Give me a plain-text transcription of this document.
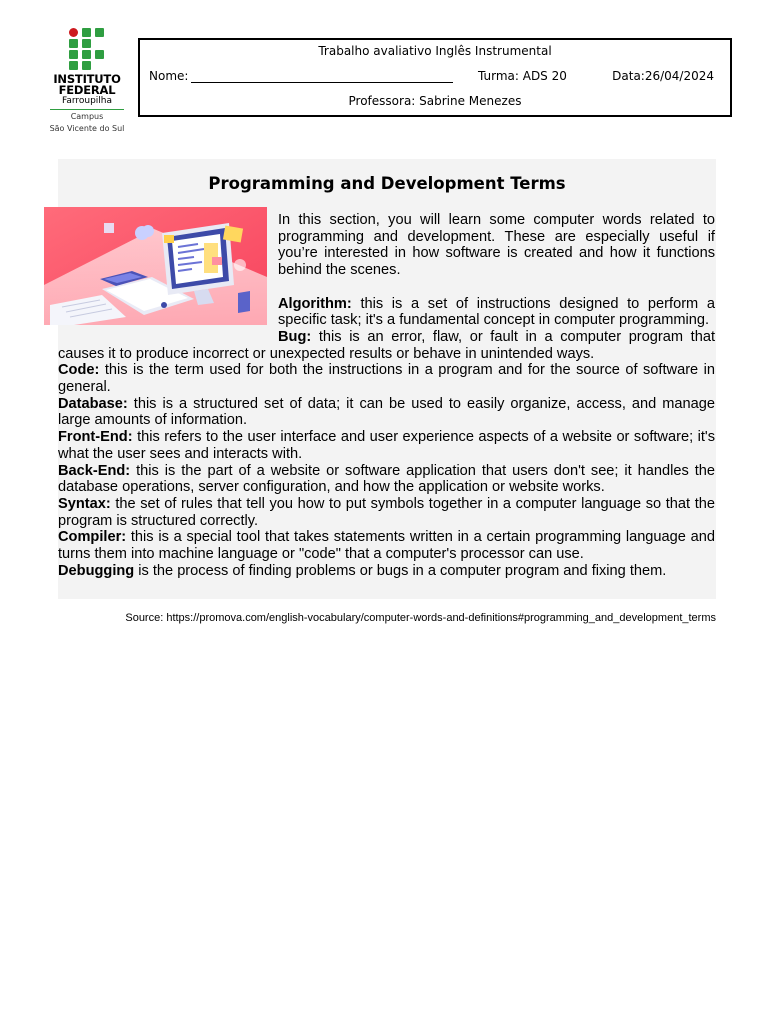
INSTITUTO
FEDERAL
Farroupilha
Campus
São Vicente do Sul
Trabalho avaliativo Inglês Instrumental
Nome:	Turma: ADS 20	Data:26/04/2024
Professora: Sabrine Menezes
Programming and Development Terms

In this section, you will learn some computer words related to programming and development. These are especially useful if you’re interested in how software is created and how it functions behind the scenes.

Algorithm: this is a set of instructions designed to perform a specific task; it's a fundamental concept in computer programming.

Bug: this is an error, flaw, or fault in a computer program that causes it to produce incorrect or unexpected results or behave in unintended ways.

Code: this is the term used for both the instructions in a program and for the source of software in general.

Database: this is a structured set of data; it can be used to easily organize, access, and manage large amounts of information.

Front-End: this refers to the user interface and user experience aspects of a website or software; it's what the user sees and interacts with.

Back-End: this is the part of a website or software application that users don't see; it handles the database operations, server configuration, and how the application or website works.

Syntax: the set of rules that tell you how to put symbols together in a computer language so that the program is structured correctly.

Compiler: this is a special tool that takes statements written in a certain programming language and turns them into machine language or "code" that a computer's processor can use.

Debugging is the process of finding problems or bugs in a computer program and fixing them.

Source: https://promova.com/english-vocabulary/computer-words-and-definitions#programming_and_development_terms
